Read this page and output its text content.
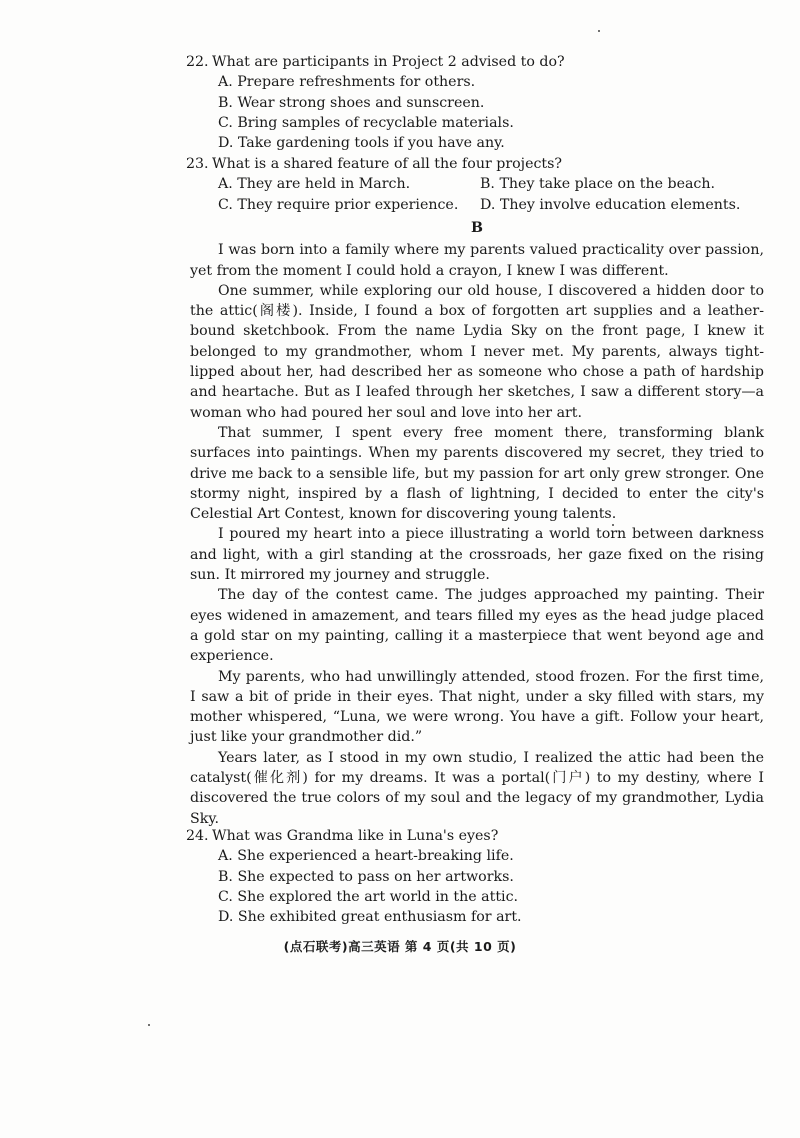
22. What are participants in Project 2 advised to do?
A. Prepare refreshments for others.
B. Wear strong shoes and sunscreen.
C. Bring samples of recyclable materials.
D. Take gardening tools if you have any.
23. What is a shared feature of all the four projects?
A. They are held in March.	B. They take place on the beach.
C. They require prior experience.	D. They involve education elements.
B

I was born into a family where my parents valued practicality over passion, yet from the moment I could hold a crayon, I knew I was different.

One summer, while exploring our old house, I discovered a hidden door to the attic(阁楼). Inside, I found a box of forgotten art supplies and a leather-bound sketchbook. From the name Lydia Sky on the front page, I knew it belonged to my grandmother, whom I never met. My parents, always tight-lipped about her, had described her as someone who chose a path of hardship and heartache. But as I leafed through her sketches, I saw a different story—a woman who had poured her soul and love into her art.

That summer, I spent every free moment there, transforming blank surfaces into paintings. When my parents discovered my secret, they tried to drive me back to a sensible life, but my passion for art only grew stronger. One stormy night, inspired by a flash of lightning, I decided to enter the city's Celestial Art Contest, known for discovering young talents.

I poured my heart into a piece illustrating a world torn between darkness and light, with a girl standing at the crossroads, her gaze fixed on the rising sun. It mirrored my journey and struggle.

The day of the contest came. The judges approached my painting. Their eyes widened in amazement, and tears filled my eyes as the head judge placed a gold star on my painting, calling it a masterpiece that went beyond age and experience.

My parents, who had unwillingly attended, stood frozen. For the first time, I saw a bit of pride in their eyes. That night, under a sky filled with stars, my mother whispered, “Luna, we were wrong. You have a gift. Follow your heart, just like your grandmother did.”

Years later, as I stood in my own studio, I realized the attic had been the catalyst(催化剂) for my dreams. It was a portal(门户) to my destiny, where I discovered the true colors of my soul and the legacy of my grandmother, Lydia Sky.

24. What was Grandma like in Luna's eyes?
A. She experienced a heart-breaking life.
B. She expected to pass on her artworks.
C. She explored the art world in the attic.
D. She exhibited great enthusiasm for art.
(点石联考)高三英语 第 4 页(共 10 页)
